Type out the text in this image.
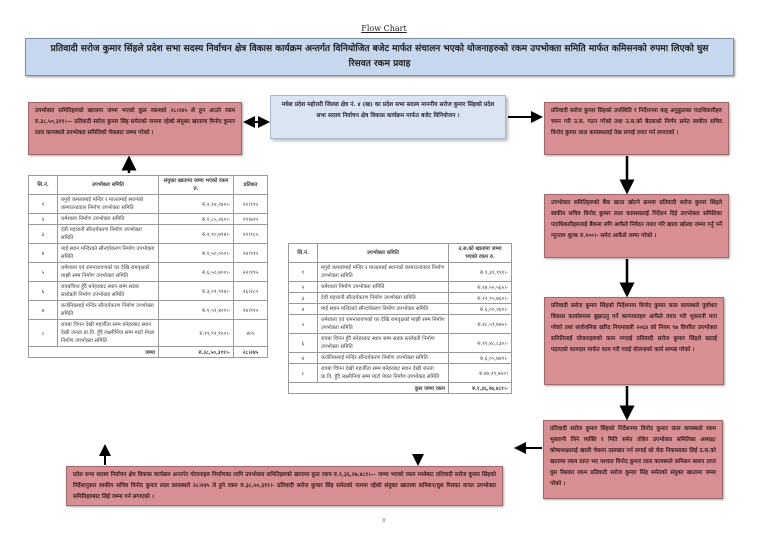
Flow Chart
प्रतिवादी सरोज कुमार सिंहले प्रदेश सभा सदस्य निर्वाचन क्षेत्र विकास कार्यक्रम अन्तर्गत विनियोजित बजेट मार्फत संचालन भएको योजनाहरुको रकम उपभोक्ता समिति मार्फत कमिसनको रुपमा लिएको घुस रिसवत रकम प्रवाह
मधेश प्रदेश महोत्तरी जिल्ला क्षेत्र नं. ४ (ख) का प्रदेश सभा सदस्य माननीय सरोज कुमार सिंहको प्रदेश सभा सदस्य निर्वाचन क्षेत्र विकास कार्यक्रम मार्फत बजेट विनियोजन ।
उपभोक्ता समितिहरुको खातामा जम्मा भएको कुल रकमको २८।२४५ ले हुन आउने रकम रु.३८,५०,३११।— प्रतिवादी सरोज कुमार सिंह समेतको नाममा रहेको संयुक्त खातामा विनोद कुमार लाल कायस्थले उपभोक्ता समितिको चेकबाट जम्मा गरेको ।
प्रतिवादी सरोज कुमार सिंहको उपस्थिति र निर्देशनमा बाहृ अनुकुलका पदाधिकारीहरु चयन गरी उ.स. गठन गरेको तथा उ.स.को बैठकको निर्णय समेत स्वकीय सचिव विनोद कुमार लाल कायस्थलाई तेख लगाई तयार गर्न लगाएको ।
उपभोक्ता समितिहरुको बैंक खाता खोल्ने क्रममा प्रतिवादी सरोज कुमार सिंहले स्वकीय सचिव विनोद कुमार लाल कायस्थलाई निर्देशन दिई उपभोक्ता समितिका पदाधिकारीहरुलाई बैंकमा लगि आफैले निवेदन तयार गरि खाता खोल्दा जम्मा गर्नु पर्ने न्यूनतम शुल्क रु.१००।- समेत आफैले जम्मा गरेको ।
प्रतिवादी सरोज कुमार सिंहको निर्देशनमा विनोद कुमार लाल कायस्थले पूर्वाधार विकास कार्यालयमा बुझाउनु पर्ने कागजातहरु आफैले तयार गरी भुक्तानी माग गरेको तथा सार्वजनिक खरिद नियमावली २०६४ को नियम ९७ विपरित उपभोक्ता समितिलाई योजनाहरुको काम नगराई प्रतिवादी सरोज कुमार सिंहले खटाई पठाएको कामदार मार्फत काम गरी गराई योजनाको कार्य सम्पन्न गरेको ।
प्रतिवादी सरोज कुमार सिंहको निर्देशनमा विनोद कुमार लाल कायस्थले रकम भुक्तानी लिने व्यक्ति र मिति समेत तोकेर उपभोक्ता समितिका अध्यक्ष/कोषाध्यक्षलाई खाली चेकमा दस्तखत गर्न लगाई सो चेक निकासाका लिई उ.स.को खातामा रकम प्राप्त भए पश्चात विनोद कुमार लाल कायस्थले कमिसन स्वरुप प्राप्त घुस रिसवत रकम प्रतिवादी सरोज कुमार सिंह समेतको संयुक्त खातामा जम्मा गरेको ।
प्रदेश सभा सदस्य निर्वाचन क्षेत्र विकास कार्यक्रम अन्तर्गत योजनाहरु निर्माणका लागि उपभोक्ता समितिहरुको खातामा कुल रकम रु.१,३६,२७,४८१।— जम्मा भएको रकम मध्येबाट प्रतिवादी सरोज कुमार सिंहको निर्देशानुसार स्वकीय सचिव विनोद कुमार लाल कायस्थले २८।२४५ ले हुने रकम रु.३८,५०,३११।- प्रतिवादी सरोज कुमार सिंह समेतको नाममा रहेको संयुक्त खातामा कमिसन/घुस रिसवत वापत उपभोक्ता समितिहरुबाट लिई जम्मा गर्न लगाएको ।
सि.नं.	उपभोक्ता समिति	संयुक्त खातामा जम्मा भएको रकम रु.	प्रतिशत
१	बगुरो कमलामाई मन्दिर र मालतमाई स्थानको कम्पाउन्डवाल निर्माण उपभोक्ता समिति	रु.२,१४,२४०।-	२२।९९५
२	धर्मशाला निर्माण उपभोक्ता समिति	रु.१,८५,२६०।-	१९।७२५
३	देवी महारानी सौन्दर्यकरण निर्माण उपभोक्ता समिति	रु.२,९०,७९४।-	२२।९८५
४	माई स्थान मन्दिरको सौन्दर्यकरण निर्माण उपभोक्ता समिति	रु.१,५०,०००।-	२४।९९५
५	धर्मशाला एवं रामनारायणको घर देखि रामवृक्षको माझी सम्म निर्माण उपभोक्ता समिति	रु.६,५०,७००।-	२२।९९५
६	रायबचिन्त हुँदै बनेहरबाट स्थान सम्म सडक स्तरोन्नती निर्माण उपभोक्ता समिति	रु.३,०१,९१४।-	२६।२८५
७	कर्जनिकमाई मन्दिर सौन्दर्यकरण निर्माण उपभोक्ता समिति	रु.१,५१,४००।-	२४।९९५
८	रायबा चिपन देखी महर्जीता सम्म बनेहरबाट स्थान देखी जनता प्रा.वि. हुँदै लक्ष्मीनिया सम्म माटो मेघल निर्माण उपभोक्ता समिति	रु.१९,९१,९००।-	४०५
जम्मा		रु.३८,५०,३११।-	२८।२४५
सि.नं.	उपभोक्ता समिति	उ.स.को खातामा जम्मा भएको रकम रु.
१	बगुरो कमलामाई मन्दिर र मालतमाई स्थानको कम्पाउन्डवाल निर्माण उपभोक्ता समिति	रु.९,३१,९९१।-
२	धर्मशाला निर्माण उपभोक्ता समिति	रु.१४,५५,५६५।-
३	देवी महारानी सौन्दर्यकरण निर्माण उपभोक्ता समिति	रु.१२,९५,७६०।-
४	माई स्थान मन्दिरको सौन्दर्यकरण निर्माण उपभोक्ता समिति	रु.६,००,०६०।-
५	धर्मशाला एवं रामनारायणको घर देखि रामवृक्षको माझी सम्म निर्माण उपभोक्ता समिति	रु.२८,५९,७७५।-
६	रायबा चिपन हुँदै बनेहरबाट स्थान सम्म सडक स्तरोन्नती निर्माण उपभोक्ता समिति	रु.११,४८,८३०।-
७	कर्जनिकमाई मन्दिर सौन्दर्यकरण निर्माण उपभोक्ता समिति	रु.६,०५,७४१।-
८	रायबा चिपन देखी महर्जीता सम्म बनेहरबाट स्थान देखी जनता प्रा.वि. हुँदै लक्ष्मीनिया सम्म माटो मेघल निर्माण उपभोक्ता समिति	रु.४७,२९,७५०।
कुल जम्मा रकम		रु.१,३६,२७,४८१।-
४
